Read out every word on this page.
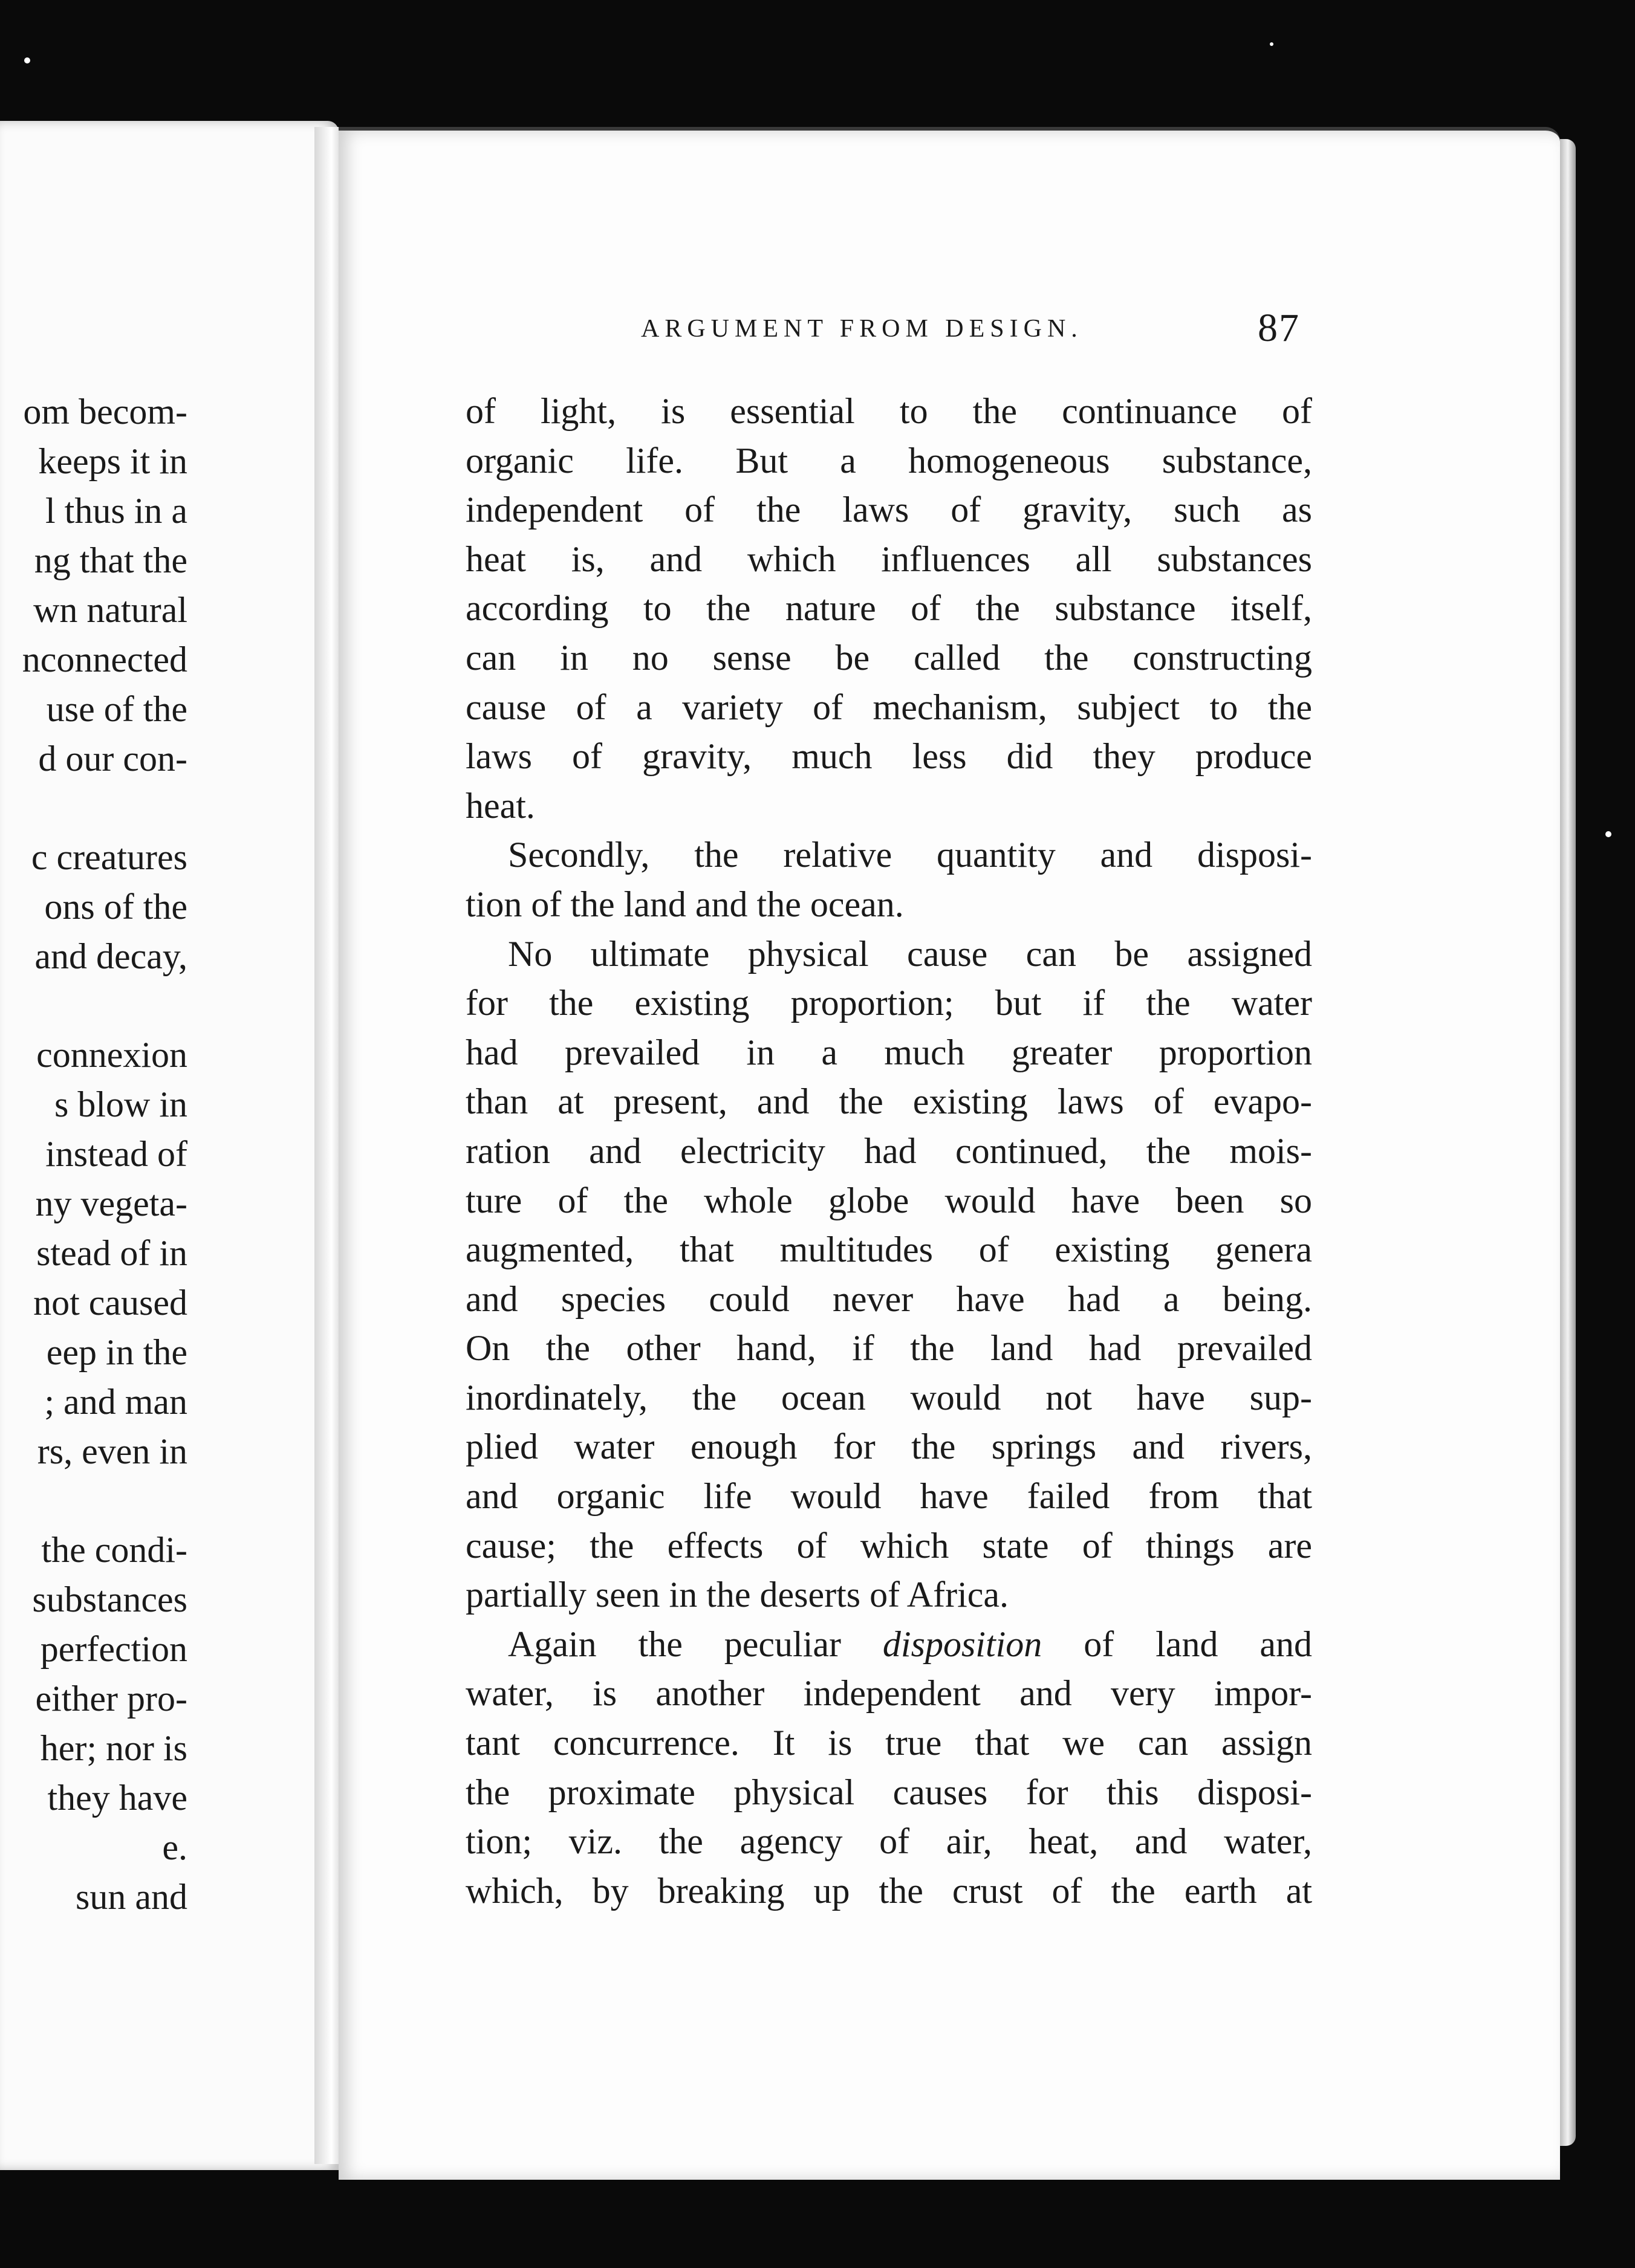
om becom-
keeps it in
l thus in a
ng that the
wn natural
nconnected
use of the
d our con-
c creatures
ons of the
and decay,
connexion
s blow in
instead of
ny vegeta-
stead of in
not caused
eep in the
; and man
rs, even in
the condi-
substances
perfection
either pro-
her; nor is
they have
e.
sun and
ARGUMENT FROM DESIGN.	87
of light, is essential to the continuance of
organic life. But a homogeneous substance,
independent of the laws of gravity, such as
heat is, and which influences all substances
according to the nature of the substance itself,
can in no sense be called the constructing
cause of a variety of mechanism, subject to the
laws of gravity, much less did they produce
heat.
Secondly, the relative quantity and disposi-
tion of the land and the ocean.
No ultimate physical cause can be assigned
for the existing proportion; but if the water
had prevailed in a much greater proportion
than at present, and the existing laws of evapo-
ration and electricity had continued, the mois-
ture of the whole globe would have been so
augmented, that multitudes of existing genera
and species could never have had a being.
On the other hand, if the land had prevailed
inordinately, the ocean would not have sup-
plied water enough for the springs and rivers,
and organic life would have failed from that
cause; the effects of which state of things are
partially seen in the deserts of Africa.
Again the peculiar disposition of land and
water, is another independent and very impor-
tant concurrence. It is true that we can assign
the proximate physical causes for this disposi-
tion; viz. the agency of air, heat, and water,
which, by breaking up the crust of the earth at
